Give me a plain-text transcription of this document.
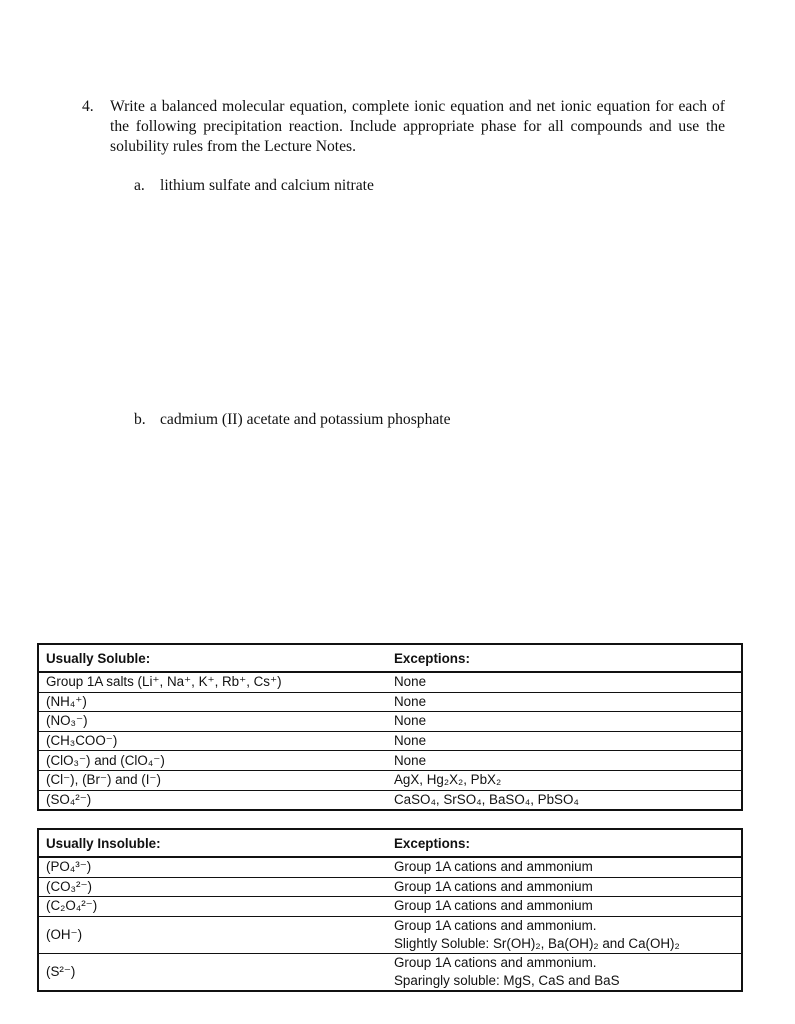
4. Write a balanced molecular equation, complete ionic equation and net ionic equation for each of the following precipitation reaction. Include appropriate phase for all compounds and use the solubility rules from the Lecture Notes.
a. lithium sulfate and calcium nitrate
b. cadmium (II) acetate and potassium phosphate
Usually Soluble:	Exceptions:
Group 1A salts (Li⁺, Na⁺, K⁺, Rb⁺, Cs⁺)	None
(NH₄⁺)	None
(NO₃⁻)	None
(CH₃COO⁻)	None
(ClO₃⁻) and (ClO₄⁻)	None
(Cl⁻), (Br⁻) and (I⁻)	AgX, Hg₂X₂, PbX₂
(SO₄²⁻)	CaSO₄, SrSO₄, BaSO₄, PbSO₄
Usually Insoluble:	Exceptions:
(PO₄³⁻)	Group 1A cations and ammonium
(CO₃²⁻)	Group 1A cations and ammonium
(C₂O₄²⁻)	Group 1A cations and ammonium
(OH⁻)	Group 1A cations and ammonium.
Slightly Soluble: Sr(OH)₂, Ba(OH)₂ and Ca(OH)₂

(S²⁻)	Group 1A cations and ammonium.
Sparingly soluble: MgS, CaS and BaS
